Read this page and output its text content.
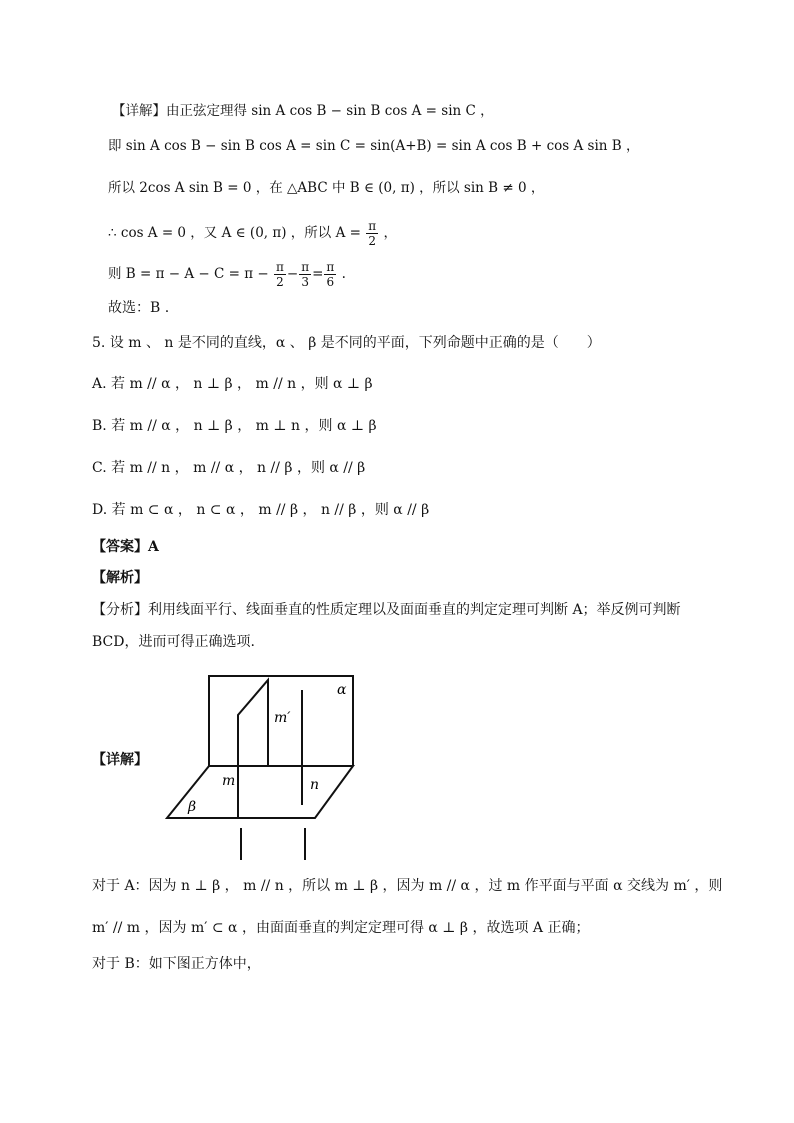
【详解】由正弦定理得 sin A cos B − sin B cos A = sin C ，
即 sin A cos B − sin B cos A = sin C = sin(A+B) = sin A cos B + cos A sin B ，
所以 2cos A sin B = 0 ，在 △ABC 中 B ∈ (0, π) ，所以 sin B ≠ 0 ，
∴ cos A = 0 ，又 A ∈ (0, π) ，所以 $A = \frac{\pi}{2}$ ，
则 $B = \pi - A - C = \pi - \frac{\pi}{2} - \frac{\pi}{3} = \frac{\pi}{6}$ .
故选：B .
5. 设 m 、 n 是不同的直线，α 、 β 是不同的平面，下列命题中正确的是（　　）
A. 若 m // α ， n ⊥ β ， m // n ，则 α ⊥ β
B. 若 m // α ， n ⊥ β ， m ⊥ n ，则 α ⊥ β
C. 若 m // n ， m // α ， n // β ，则 α // β
D. 若 m ⊂ α ， n ⊂ α ， m // β ， n // β ，则 α // β
【答案】A
【解析】
【分析】利用线面平行、线面垂直的性质定理以及面面垂直的判定定理可判断 A；举反例可判断
BCD，进而可得正确选项.
【详解】
α
β
m′
m	n
对于 A：因为 n ⊥ β ， m // n ，所以 m ⊥ β ，因为 m // α ，过 m 作平面与平面 α 交线为 m′ ，则
m′ // m ，因为 m′ ⊂ α ，由面面垂直的判定定理可得 α ⊥ β ，故选项 A 正确；
对于 B：如下图正方体中，
